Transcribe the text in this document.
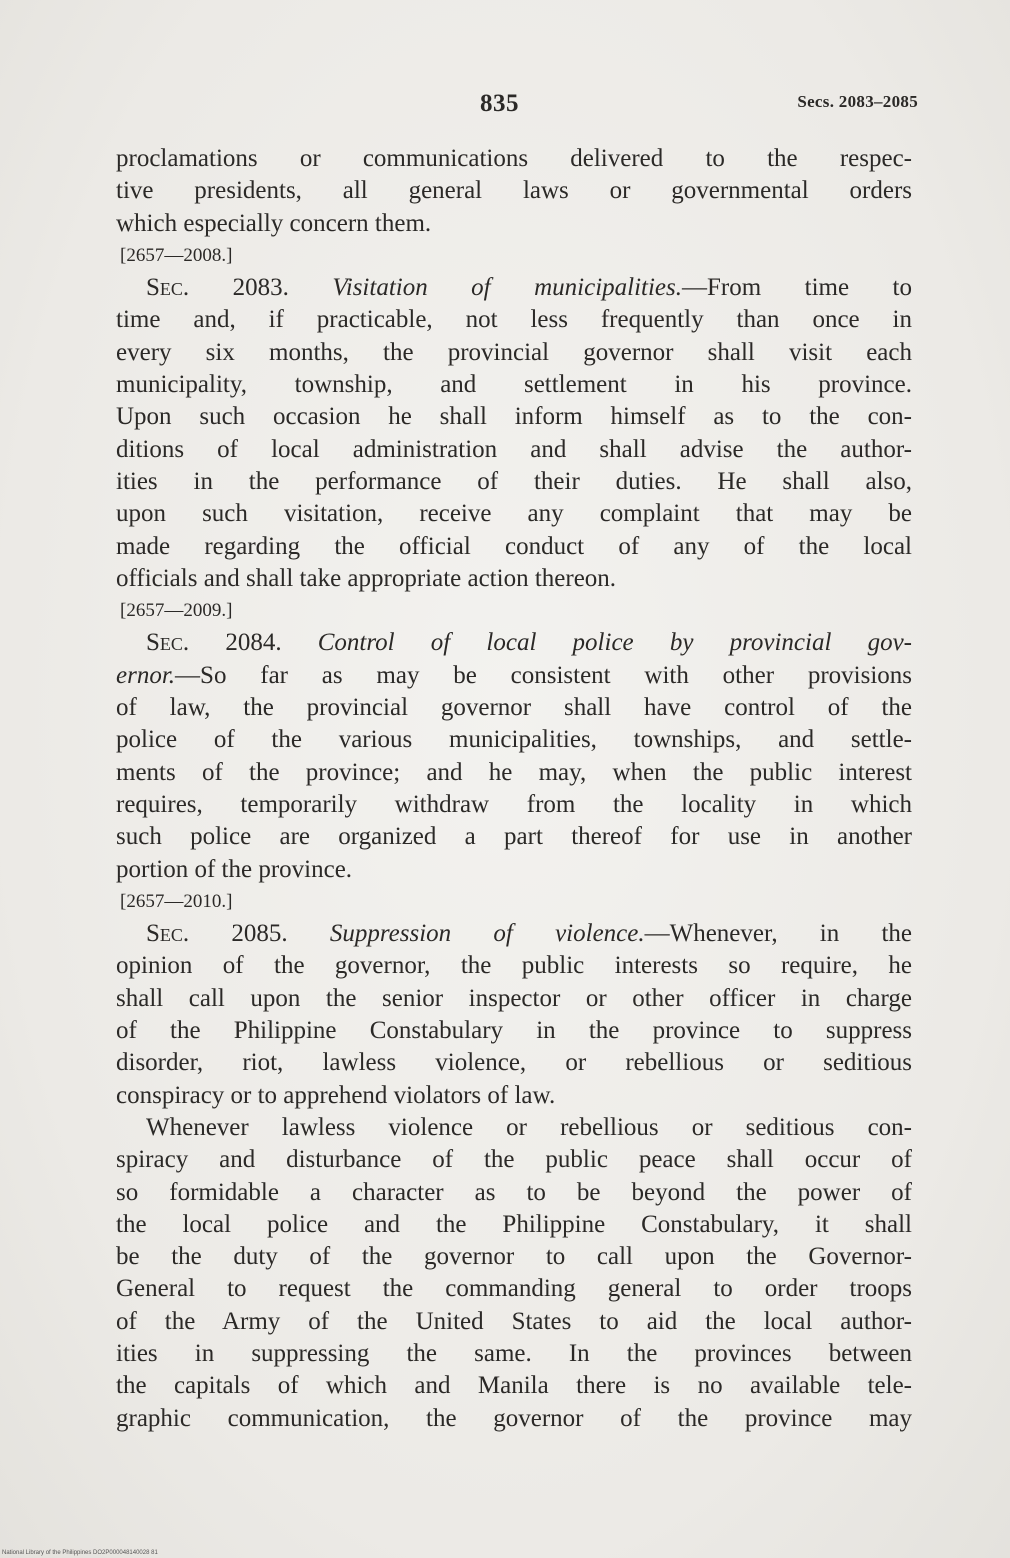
835	Secs. 2083–2085
proclamations or communications delivered to the respec-
tive presidents, all general laws or governmental orders
which especially concern them.
[2657—2008.]
Sec. 2083. Visitation of municipalities.—From time to
time and, if practicable, not less frequently than once in
every six months, the provincial governor shall visit each
municipality, township, and settlement in his province.
Upon such occasion he shall inform himself as to the con-
ditions of local administration and shall advise the author-
ities in the performance of their duties. He shall also,
upon such visitation, receive any complaint that may be
made regarding the official conduct of any of the local
officials and shall take appropriate action thereon.
[2657—2009.]
Sec. 2084. Control of local police by provincial gov-
ernor.—So far as may be consistent with other provisions
of law, the provincial governor shall have control of the
police of the various municipalities, townships, and settle-
ments of the province; and he may, when the public interest
requires, temporarily withdraw from the locality in which
such police are organized a part thereof for use in another
portion of the province.
[2657—2010.]
Sec. 2085. Suppression of violence.—Whenever, in the
opinion of the governor, the public interests so require, he
shall call upon the senior inspector or other officer in charge
of the Philippine Constabulary in the province to suppress
disorder, riot, lawless violence, or rebellious or seditious
conspiracy or to apprehend violators of law.
Whenever lawless violence or rebellious or seditious con-
spiracy and disturbance of the public peace shall occur of
so formidable a character as to be beyond the power of
the local police and the Philippine Constabulary, it shall
be the duty of the governor to call upon the Governor-
General to request the commanding general to order troops
of the Army of the United States to aid the local author-
ities in suppressing the same. In the provinces between
the capitals of which and Manila there is no available tele-
graphic communication, the governor of the province may
National Library of the Philippines DO2P000048140028 81
